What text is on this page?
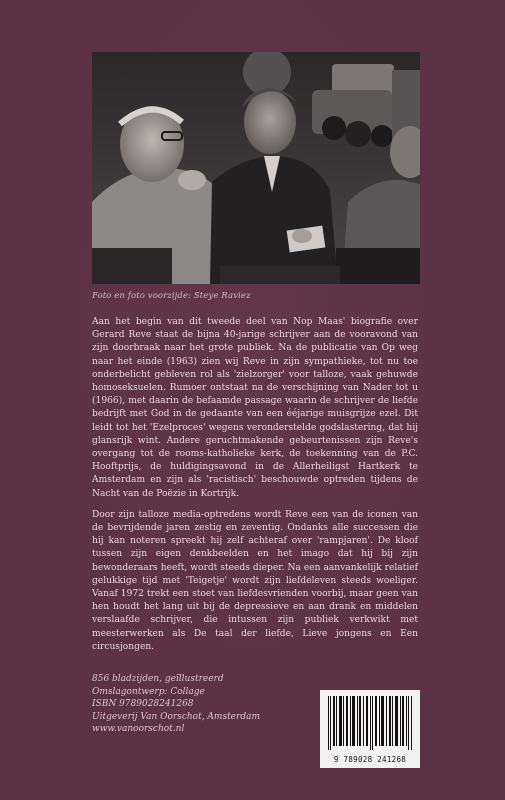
Foto en foto voorzijde: Steye Raviez

Aan het begin van dit tweede deel van Nop Maas' biografie over Gerard Reve staat de bijna 40-jarige schrijver aan de vooravond van zijn doorbraak naar het grote publiek. Na de publicatie van Op weg naar het einde (1963) zien wij Reve in zijn sympathieke, tot nu toe onderbelicht gebleven rol als 'zielzorger' voor talloze, vaak gehuwde homoseksuelen. Rumoer ontstaat na de verschijning van Nader tot u (1966), met daarin de befaamde passage waarin de schrijver de liefde bedrijft met God in de gedaante van een ééjarige muisgrijze ezel. Dit leidt tot het 'Ezelproces' wegens veronderstelde godslastering, dat hij glansrijk wint. Andere geruchtmakende gebeurtenissen zijn Reve's overgang tot de rooms-katholieke kerk, de toekenning van de P.C. Hooftprijs, de huldigingsavond in de Allerheiligst Hartkerk te Amsterdam en zijn als 'racistisch' beschouwde optreden tijdens de Nacht van de Poëzie in Kortrijk.

Door zijn talloze media-optredens wordt Reve een van de iconen van de bevrijdende jaren zestig en zeventig. Ondanks alle successen die hij kan noteren spreekt hij zelf achteraf over 'rampjaren'. De kloof tussen zijn eigen denkbeelden en het imago dat hij bij zijn bewonderaars heeft, wordt steeds dieper. Na een aanvankelijk relatief gelukkige tijd met 'Teigetje' wordt zijn liefdeleven steeds woeliger. Vanaf 1972 trekt een stoet van liefdesvrienden voorbij, maar geen van hen houdt het lang uit bij de depressieve en aan drank en middelen verslaafde schrijver, die intussen zijn publiek verkwikt met meesterwerken als De taal der liefde, Lieve jongens en Een circusjongen.

856 bladzijden, geïllustreerd
Omslagontwerp: Collage
ISBN 9789028241268
Uitgeverij Van Oorschot, Amsterdam
www.vanoorschot.nl
9 789028 241268
